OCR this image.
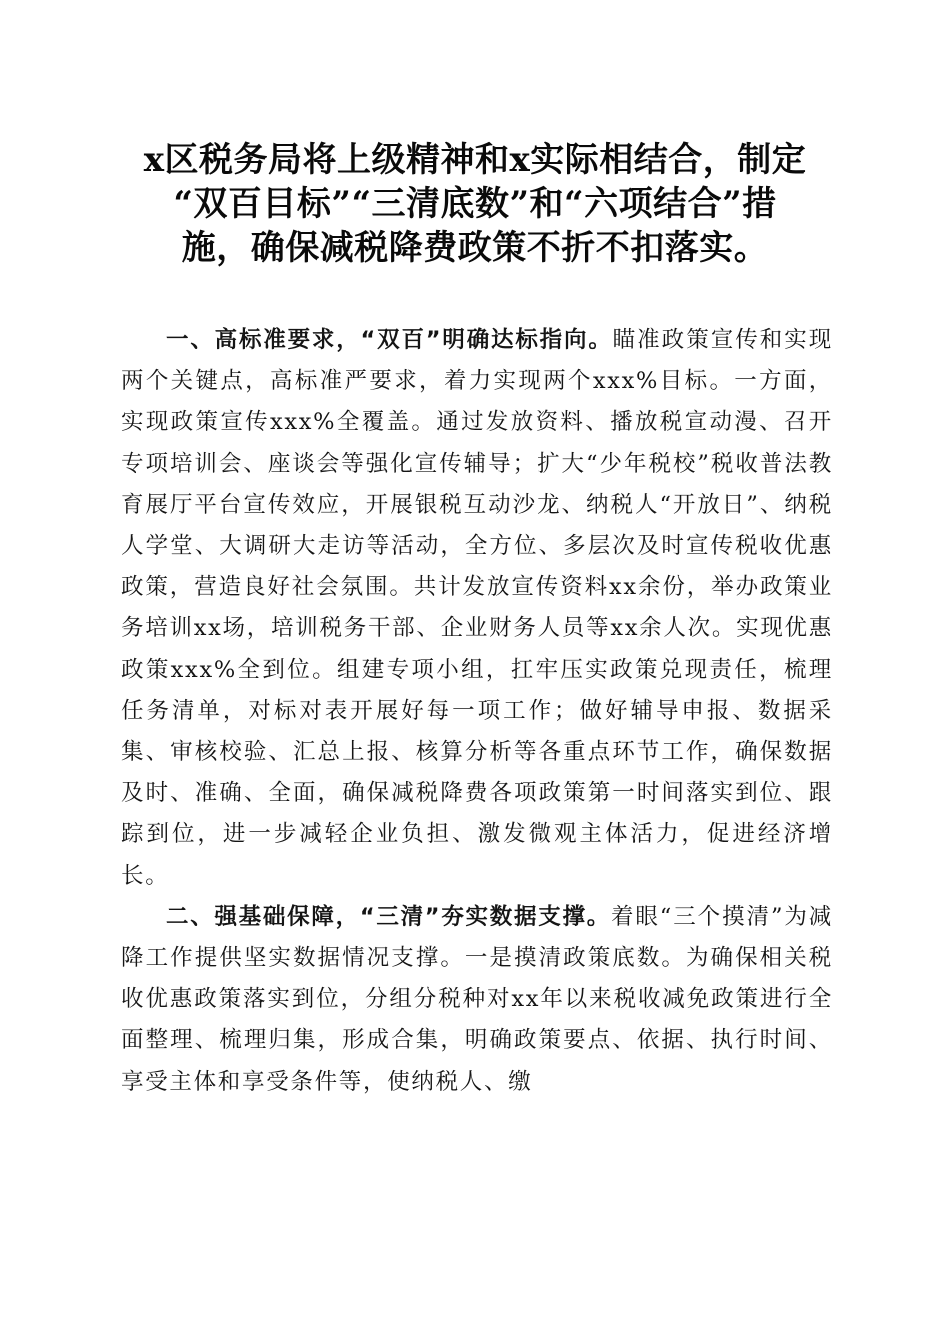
x区税务局将上级精神和x实际相结合，制定
“双百目标”“三清底数”和“六项结合”措
施，确保减税降费政策不折不扣落实。

一、高标准要求，“双百”明确达标指向。瞄准政策宣传和实现两个关键点，高标准严要求，着力实现两个xxx%目标。一方面，实现政策宣传xxx%全覆盖。通过发放资料、播放税宣动漫、召开专项培训会、座谈会等强化宣传辅导；扩大“少年税校”税收普法教育展厅平台宣传效应，开展银税互动沙龙、纳税人“开放日”、纳税人学堂、大调研大走访等活动，全方位、多层次及时宣传税收优惠政策，营造良好社会氛围。共计发放宣传资料xx余份，举办政策业务培训xx场，培训税务干部、企业财务人员等xx余人次。实现优惠政策xxx%全到位。组建专项小组，扛牢压实政策兑现责任，梳理任务清单，对标对表开展好每一项工作；做好辅导申报、数据采集、审核校验、汇总上报、核算分析等各重点环节工作，确保数据及时、准确、全面，确保减税降费各项政策第一时间落实到位、跟踪到位，进一步减轻企业负担、激发微观主体活力，促进经济增长。

二、强基础保障，“三清”夯实数据支撑。着眼“三个摸清”为减降工作提供坚实数据情况支撑。一是摸清政策底数。为确保相关税收优惠政策落实到位，分组分税种对xx年以来税收减免政策进行全面整理、梳理归集，形成合集，明确政策要点、依据、执行时间、享受主体和享受条件等，使纳税人、缴
